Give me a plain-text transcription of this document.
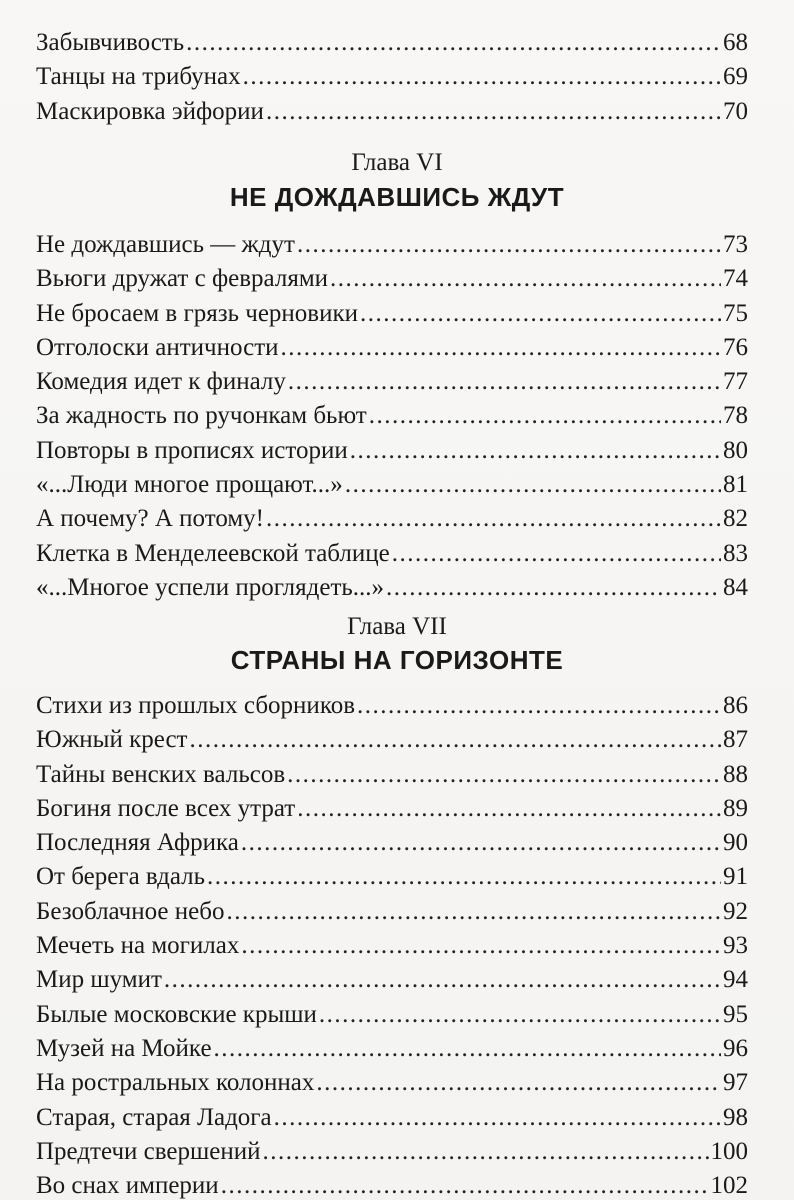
Забывчивость .....	68
Танцы на трибунах .....	69
Маскировка эйфории .....	70
Глава VI
НЕ ДОЖДАВШИСЬ ЖДУТ
Не дождавшись — ждут .....	73
Вьюги дружат с февралями .....	74
Не бросаем в грязь черновики .....	75
Отголоски античности .....	76
Комедия идет к финалу .....	77
За жадность по ручонкам бьют .....	78
Повторы в прописях истории .....	80
«...Люди многое прощают...» .....	81
А почему? А потому! .....	82
Клетка в Менделеевской таблице .....	83
«...Многое успели проглядеть...» .....	84
Глава VII
СТРАНЫ НА ГОРИЗОНТЕ
Стихи из прошлых сборников .....	86
Южный крест .....	87
Тайны венских вальсов .....	88
Богиня после всех утрат .....	89
Последняя Африка .....	90
От берега вдаль .....	91
Безоблачное небо .....	92
Мечеть на могилах .....	93
Мир шумит .....	94
Былые московские крыши .....	95
Музей на Мойке .....	96
На ростральных колоннах .....	97
Старая, старая Ладога .....	98
Предтечи свершений .....	100
Во снах империи .....	102
